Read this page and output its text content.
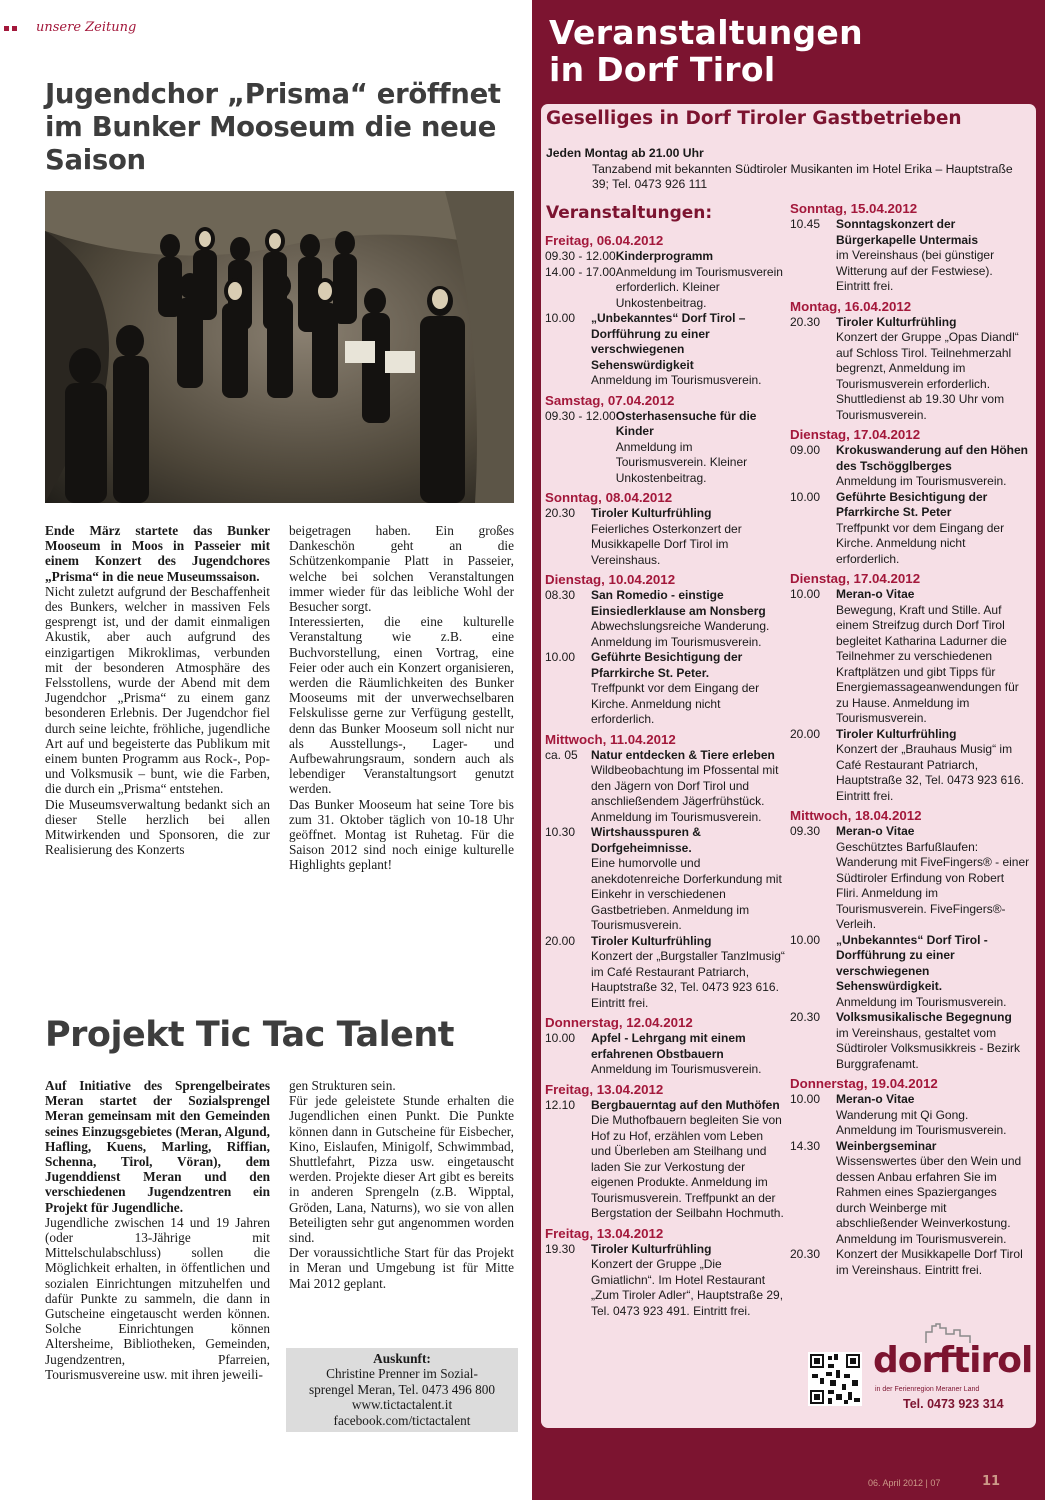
unsere Zeitung
Jugendchor „Prisma“ eröffnet im Bunker Mooseum die neue Saison

Ende März startete das Bunker Mooseum in Moos in Passeier mit einem Konzert des Jugendchores „Prisma“ in die neue Museumssaison.

Nicht zuletzt aufgrund der Beschaffenheit des Bunkers, welcher in massiven Fels gesprengt ist, und der damit einmaligen Akustik, aber auch aufgrund des einzigartigen Mikroklimas, verbunden mit der besonderen Atmosphäre des Felsstollens, wurde der Abend mit dem Jugendchor „Prisma“ zu einem ganz besonderen Erlebnis. Der Jugendchor fiel durch seine leichte, fröhliche, jugendliche Art auf und begeisterte das Publikum mit einem bunten Programm aus Rock-, Pop- und Volksmusik – bunt, wie die Farben, die durch ein „Prisma“ entstehen.

Die Museumsverwaltung bedankt sich an dieser Stelle herzlich bei allen Mitwirkenden und Sponsoren, die zur Realisierung des Konzerts

beigetragen haben. Ein großes Dankeschön geht an die Schützenkompanie Platt in Passeier, welche bei solchen Veranstaltungen immer wieder für das leibliche Wohl der Besucher sorgt.

Interessierten, die eine kulturelle Veranstaltung wie z.B. eine Buchvorstellung, einen Vortrag, eine Feier oder auch ein Konzert organisieren, werden die Räumlichkeiten des Bunker Mooseums mit der unverwechselbaren Felskulisse gerne zur Verfügung gestellt, denn das Bunker Mooseum soll nicht nur als Ausstellungs-, Lager- und Aufbewahrungsraum, sondern auch als lebendiger Veranstaltungsort genutzt werden.

Das Bunker Mooseum hat seine Tore bis zum 31. Oktober täglich von 10-18 Uhr geöffnet. Montag ist Ruhetag. Für die Saison 2012 sind noch einige kulturelle Highlights geplant!

Projekt Tic Tac Talent

Auf Initiative des Sprengelbeirates Meran startet der Sozialsprengel Meran gemeinsam mit den Gemeinden seines Einzugsgebietes (Meran, Algund, Hafling, Kuens, Marling, Riffian, Schenna, Tirol, Vöran), dem Jugenddienst Meran und den verschiedenen Jugendzentren ein Projekt für Jugendliche.

Jugendliche zwischen 14 und 19 Jahren (oder 13-Jährige mit Mittelschulabschluss) sollen die Möglichkeit erhalten, in öffentlichen und sozialen Einrichtungen mitzuhelfen und dafür Punkte zu sammeln, die dann in Gutscheine eingetauscht werden können. Solche Einrichtungen können Altersheime, Bibliotheken, Gemeinden, Jugendzentren, Pfarreien, Tourismusvereine usw. mit ihren jeweili-

gen Strukturen sein.

Für jede geleistete Stunde erhalten die Jugendlichen einen Punkt. Die Punkte können dann in Gutscheine für Eisbecher, Kino, Eislaufen, Minigolf, Schwimmbad, Shuttlefahrt, Pizza usw. eingetauscht werden. Projekte dieser Art gibt es bereits in anderen Sprengeln (z.B. Wipptal, Gröden, Lana, Naturns), wo sie von allen Beteiligten sehr gut angenommen worden sind.

Der voraussichtliche Start für das Projekt in Meran und Umgebung ist für Mitte Mai 2012 geplant.

Auskunft:
Christine Prenner im Sozial-
sprengel Meran, Tel. 0473 496 800
www.tictactalent.it
facebook.com/tictactalent
Veranstaltungen
in Dorf Tirol
Geselliges in Dorf Tiroler Gastbetrieben
Jeden Montag ab 21.00 Uhr
Tanzabend mit bekannten Südtiroler Musikanten im Hotel Erika – Hauptstraße 39; Tel. 0473 926 111
Veranstaltungen:
Freitag, 06.04.2012
09.30 - 12.00 Kinderprogramm
14.00 - 17.00 Anmeldung im Tourismusverein erforderlich. Kleiner Unkostenbeitrag.
10.00	„Unbekanntes“ Dorf Tirol – Dorfführung zu einer verschwiegenen Sehenswürdigkeit
Anmeldung im Tourismusverein.
Samstag, 07.04.2012
09.30 - 12.00 Osterhasensuche für die Kinder
Anmeldung im Tourismusverein. Kleiner Unkostenbeitrag.
Sonntag, 08.04.2012
20.30	Tiroler Kulturfrühling
Feierliches Osterkonzert der Musikkapelle Dorf Tirol im Vereinshaus.
Dienstag, 10.04.2012
08.30	San Romedio - einstige Einsiedlerklause am Nonsberg
Abwechslungsreiche Wanderung. Anmeldung im Tourismusverein.
10.00	Geführte Besichtigung der Pfarrkirche St. Peter.
Treffpunkt vor dem Eingang der Kirche. Anmeldung nicht erforderlich.
Mittwoch, 11.04.2012
ca. 05	Natur entdecken & Tiere erleben
Wildbeobachtung im Pfossental mit den Jägern von Dorf Tirol und anschließendem Jägerfrühstück. Anmeldung im Tourismusverein.
10.30	Wirtshausspuren & Dorfgeheimnisse.
Eine humorvolle und anekdotenreiche Dorferkundung mit Einkehr in verschiedenen Gastbetrieben. Anmeldung im Tourismusverein.
20.00	Tiroler Kulturfrühling
Konzert der „Burgstaller Tanzlmusig“ im Café Restaurant Patriarch, Hauptstraße 32, Tel. 0473 923 616. Eintritt frei.
Donnerstag, 12.04.2012
10.00	Apfel - Lehrgang mit einem erfahrenen Obstbauern
Anmeldung im Tourismusverein.
Freitag, 13.04.2012
12.10	Bergbauerntag auf den Muthöfen
Die Muthofbauern begleiten Sie von Hof zu Hof, erzählen vom Leben und Überleben am Steilhang und laden Sie zur Verkostung der eigenen Produkte. Anmeldung im Tourismusverein. Treffpunkt an der Bergstation der Seilbahn Hochmuth.
Freitag, 13.04.2012
19.30	Tiroler Kulturfrühling
Konzert der Gruppe „Die Gmiatlichn“. Im Hotel Restaurant „Zum Tiroler Adler“, Hauptstraße 29, Tel. 0473 923 491. Eintritt frei.
Sonntag, 15.04.2012
10.45	Sonntagskonzert der Bürgerkapelle Untermais
im Vereinshaus (bei günstiger Witterung auf der Festwiese). Eintritt frei.
Montag, 16.04.2012
20.30	Tiroler Kulturfrühling
Konzert der Gruppe „Opas Diandl“ auf Schloss Tirol. Teilnehmerzahl begrenzt, Anmeldung im Tourismusverein erforderlich. Shuttledienst ab 19.30 Uhr vom Tourismusverein.
Dienstag, 17.04.2012
09.00	Krokuswanderung auf den Höhen des Tschögglberges
Anmeldung im Tourismusverein.
10.00	Geführte Besichtigung der Pfarrkirche St. Peter
Treffpunkt vor dem Eingang der Kirche. Anmeldung nicht erforderlich.
Dienstag, 17.04.2012
10.00	Meran-o Vitae
Bewegung, Kraft und Stille. Auf einem Streifzug durch Dorf Tirol begleitet Katharina Ladurner die Teilnehmer zu verschiedenen Kraftplätzen und gibt Tipps für Energiemassageanwendungen für zu Hause. Anmeldung im Tourismusverein.
20.00	Tiroler Kulturfrühling
Konzert der „Brauhaus Musig“ im Café Restaurant Patriarch, Hauptstraße 32, Tel. 0473 923 616. Eintritt frei.
Mittwoch, 18.04.2012
09.30	Meran-o Vitae
Geschütztes Barfußlaufen: Wanderung mit FiveFingers® - einer Südtiroler Erfindung von Robert Fliri. Anmeldung im Tourismusverein. FiveFingers®-Verleih.
10.00	„Unbekanntes“ Dorf Tirol - Dorfführung zu einer verschwiegenen Sehenswürdigkeit.
Anmeldung im Tourismusverein.
20.30	Volksmusikalische Begegnung
im Vereinshaus, gestaltet vom Südtiroler Volksmusikkreis - Bezirk Burggrafenamt.
Donnerstag, 19.04.2012
10.00	Meran-o Vitae
Wanderung mit Qi Gong. Anmeldung im Tourismusverein.
14.30	Weinbergseminar
Wissenswertes über den Wein und dessen Anbau erfahren Sie im Rahmen eines Spazierganges durch Weinberge mit abschließender Weinverkostung. Anmeldung im Tourismusverein.
20.30	Konzert der Musikkapelle Dorf Tirol im Vereinshaus. Eintritt frei.
dorftirol
in der Ferienregion Meraner Land
Tel. 0473 923 314
06. April 2012 | 07	11
